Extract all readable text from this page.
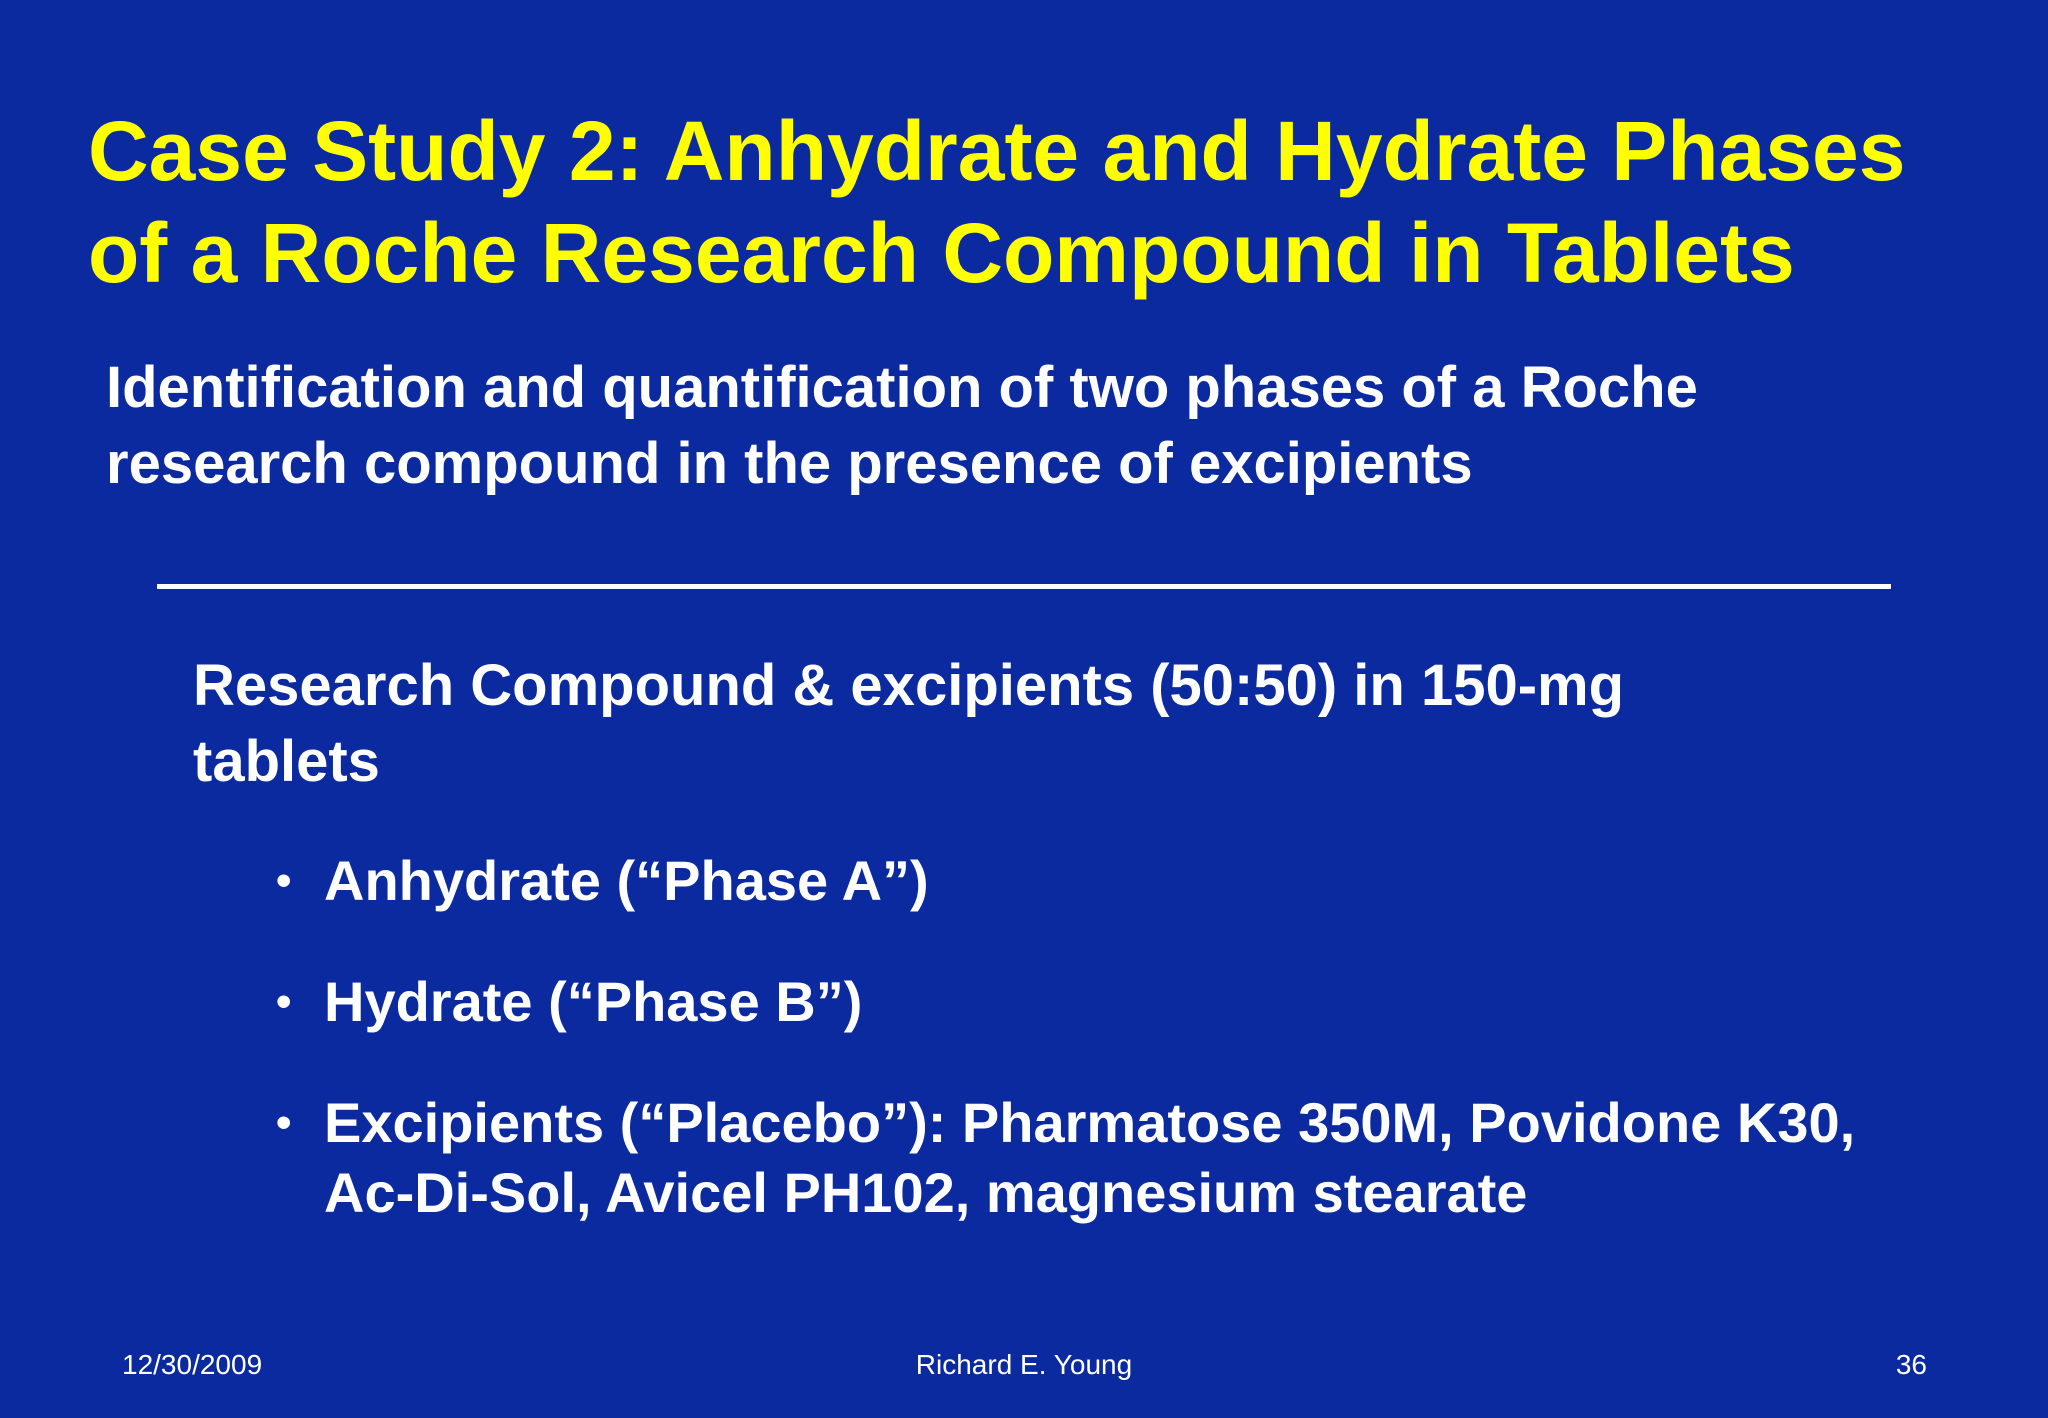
Case Study 2: Anhydrate and Hydrate Phases
of a Roche Research Compound in Tablets
Identification and quantification of two phases of a Roche
research compound in the presence of excipients
Research Compound & excipients (50:50) in 150-mg
tablets
• Anhydrate (“Phase A”)
• Hydrate (“Phase B”)
• Excipients (“Placebo”): Pharmatose 350M, Povidone K30,
Ac-Di-Sol, Avicel PH102, magnesium stearate
12/30/2009	Richard E. Young	36
